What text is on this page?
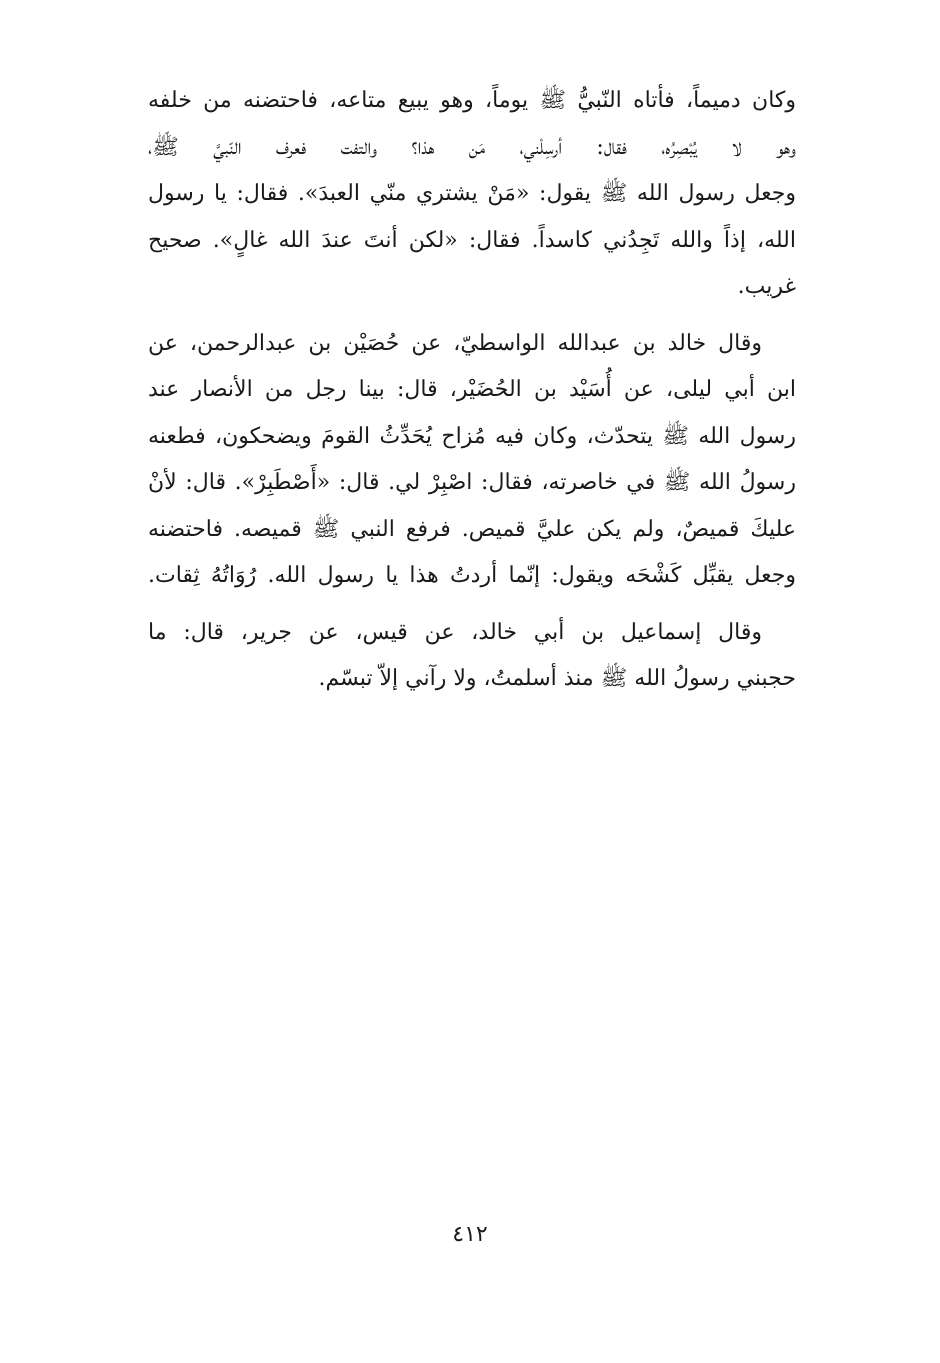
وكان دميماً، فأتاه النّبيُّ ﷺ يوماً، وهو يبيع متاعه، فاحتضنه من خلفه
وهو لا يُبْصِرُه، فقال: أرسِلْني، مَن هذا؟ والتفت فعرف النّبيَّ ﷺ،
وجعل رسول الله ﷺ يقول: «مَنْ يشتري منّي العبدَ». فقال: يا رسول
الله، إذاً والله تَجِدُني كاسداً. فقال: «لكن أنتَ عندَ الله غالٍ». صحيح
غريب.
وقال خالد بن عبدالله الواسطيّ، عن حُصَيْن بن عبدالرحمن، عن
ابن أبي ليلى، عن أُسَيْد بن الحُضَيْر، قال: بينا رجل من الأنصار عند
رسول الله ﷺ يتحدّث، وكان فيه مُزاح يُحَدِّثُ القومَ ويضحكون، فطعنه
رسولُ الله ﷺ في خاصرته، فقال: اصْبِرْ لي. قال: «أَصْطَبِرْ». قال: لأنْ
عليكَ قميصٌ، ولم يكن عليَّ قميص. فرفع النبي ﷺ قميصه. فاحتضنه
وجعل يقبِّل كَشْحَه ويقول: إنّما أردتُ هذا يا رسول الله. رُوَاتُهُ ثِقات.
وقال إسماعيل بن أبي خالد، عن قيس، عن جرير، قال: ما
حجبني رسولُ الله ﷺ منذ أسلمتُ، ولا رآني إلاّ تبسّم.
٤١٢
